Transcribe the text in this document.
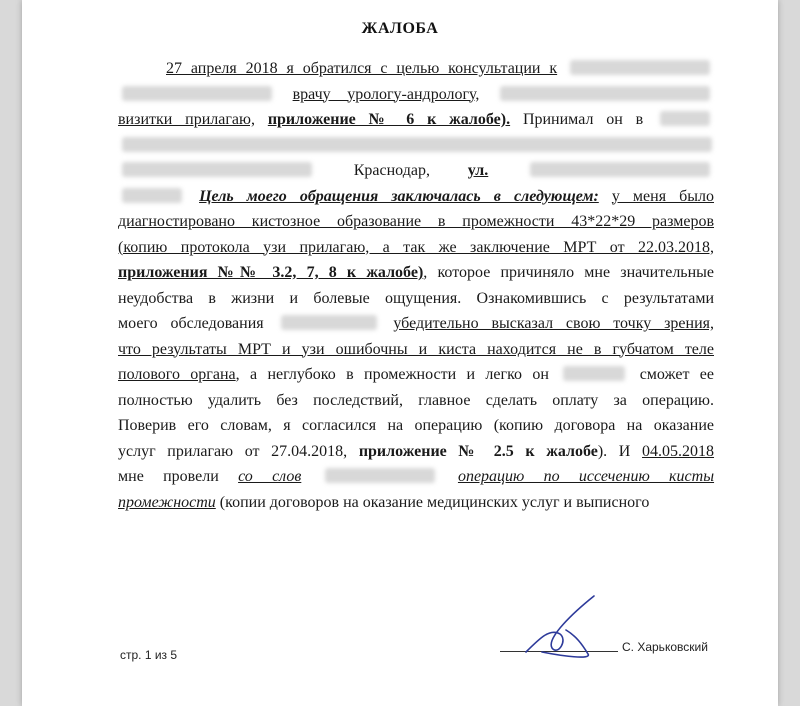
ЖАЛОБА
27 апреля 2018 я обратился с целью консультации к
врачу урологу-андрологу,
визитки прилагаю, приложение № 6 к жалобе). Принимал он в
Краснодар, ул.
Цель моего обращения заключалась в следующем: у меня было
диагностировано кистозное образование в промежности 43*22*29 размеров
(копию протокола узи прилагаю, а так же заключение МРТ от 22.03.2018,
приложения №№ 3.2, 7, 8 к жалобе), которое причиняло мне значительные
неудобства в жизни и болевые ощущения. Ознакомившись с результатами
моего обследования	убедительно высказал свою точку зрения,
что результаты МРТ и узи ошибочны и киста находится не в губчатом теле
полового органа, а неглубоко в промежности и легко он	сможет ее
полностью удалить без последствий, главное сделать оплату за операцию.
Поверив его словам, я согласился на операцию (копию договора на оказание
услуг прилагаю от 27.04.2018, приложение № 2.5 к жалобе). И 04.05.2018
мне провели со слов	операцию по иссечению кисты
промежности (копии договоров на оказание медицинских услуг и выписного
стр. 1 из 5
С. Харьковский
